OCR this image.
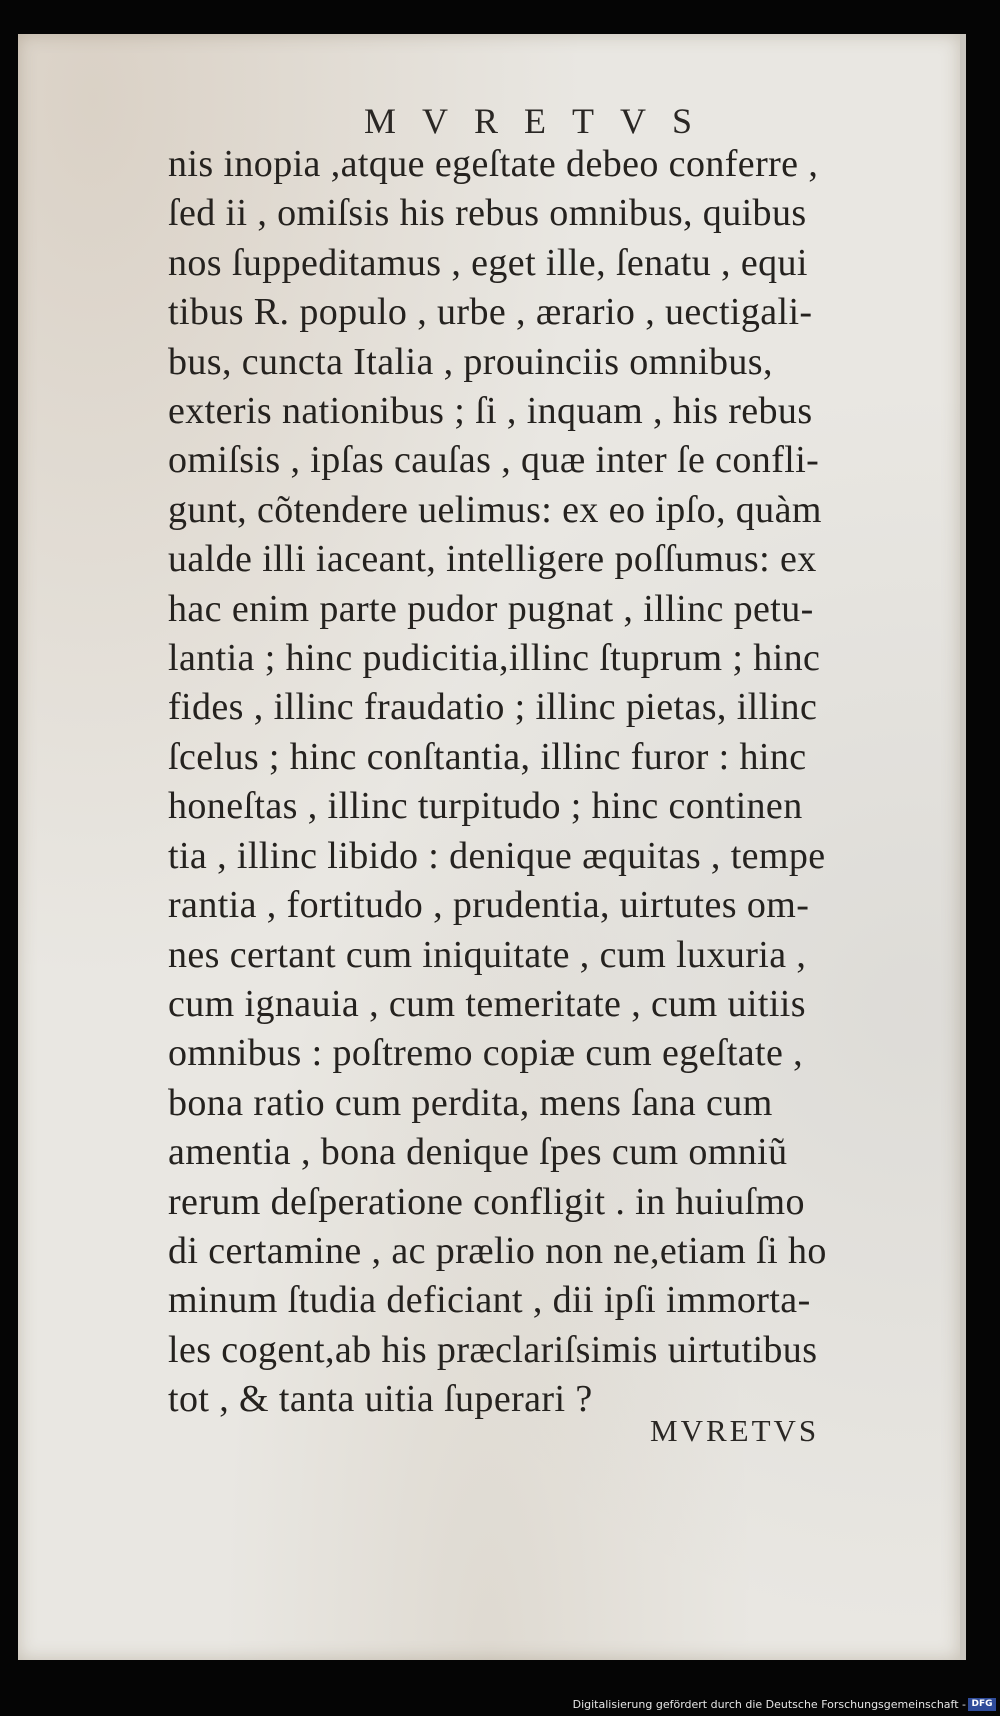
MVRETVS
nis inopia ,atque egeſtate debeo conferre ,
ſed ii , omiſsis his rebus omnibus, quibus
nos ſuppeditamus , eget ille, ſenatu , equi
tibus R. populo , urbe , ærario , uectigali-
bus, cuncta Italia , prouinciis omnibus,
exteris nationibus ; ſi , inquam , his rebus
omiſsis , ipſas cauſas , quæ inter ſe confli-
gunt, cõtendere uelimus: ex eo ipſo, quàm
ualde illi iaceant, intelligere poſſumus: ex
hac enim parte pudor pugnat , illinc petu-
lantia ; hinc pudicitia,illinc ſtuprum ; hinc
fides , illinc fraudatio ; illinc pietas, illinc
ſcelus ; hinc conſtantia, illinc furor : hinc
honeſtas , illinc turpitudo ; hinc continen
tia , illinc libido : denique æquitas , tempe
rantia , fortitudo , prudentia, uirtutes om-
nes certant cum iniquitate , cum luxuria ,
cum ignauia , cum temeritate , cum uitiis
omnibus : poſtremo copiæ cum egeſtate ,
bona ratio cum perdita, mens ſana cum
amentia , bona denique ſpes cum omniũ
rerum deſperatione confligit . in huiuſmo
di certamine , ac prælio non ne,etiam ſi ho
minum ſtudia deficiant , dii ipſi immorta-
les cogent,ab his præclariſsimis uirtutibus
tot , & tanta uitia ſuperari ?
MVRETVS
Digitalisierung gefördert durch die Deutsche Forschungsgemeinschaft - DFG
